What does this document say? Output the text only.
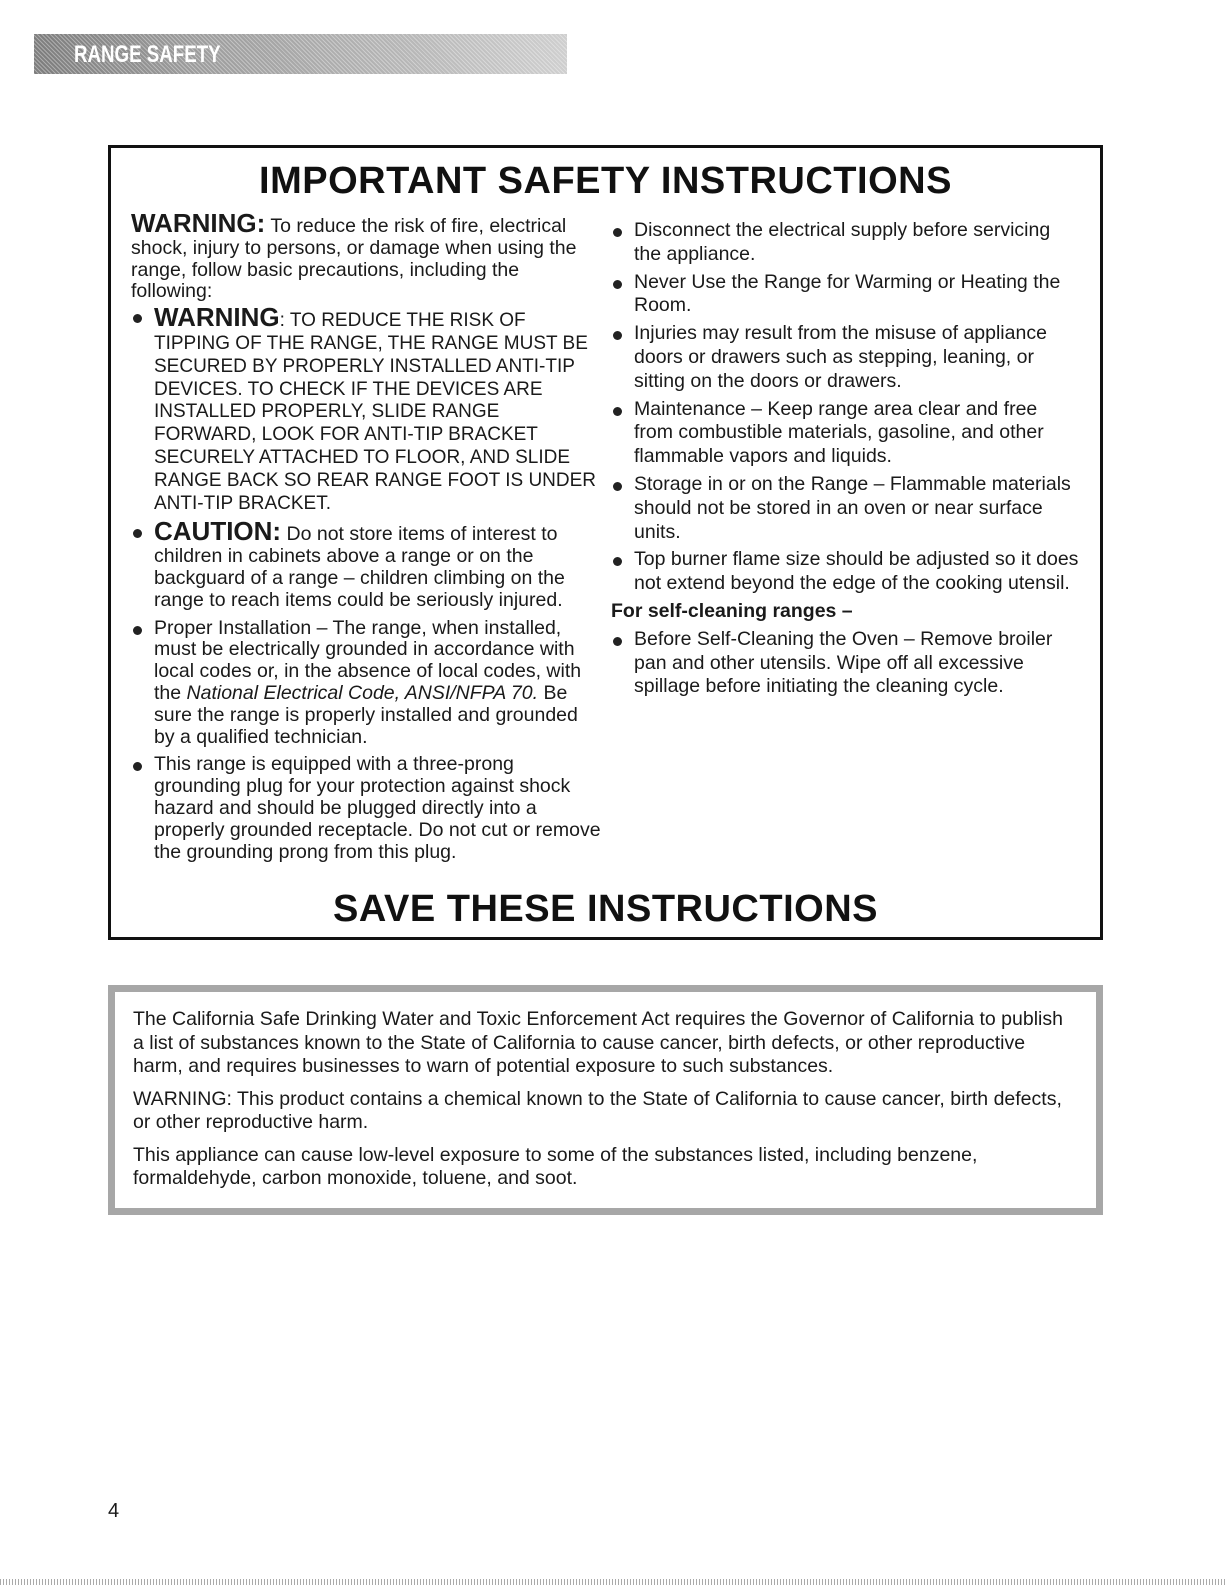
RANGE SAFETY
IMPORTANT SAFETY INSTRUCTIONS

WARNING: To reduce the risk of fire, electrical shock, injury to persons, or damage when using the range, follow basic precautions, including the following:

WARNING: TO REDUCE THE RISK OF TIPPING OF THE RANGE, THE RANGE MUST BE SECURED BY PROPERLY INSTALLED ANTI-TIP DEVICES. TO CHECK IF THE DEVICES ARE INSTALLED PROPERLY, SLIDE RANGE FORWARD, LOOK FOR ANTI-TIP BRACKET SECURELY ATTACHED TO FLOOR, AND SLIDE RANGE BACK SO REAR RANGE FOOT IS UNDER ANTI-TIP BRACKET.
CAUTION: Do not store items of interest to children in cabinets above a range or on the backguard of a range – children climbing on the range to reach items could be seriously injured.
Proper Installation – The range, when installed, must be electrically grounded in accordance with local codes or, in the absence of local codes, with the National Electrical Code, ANSI/NFPA 70. Be sure the range is properly installed and grounded by a qualified technician.
This range is equipped with a three-prong grounding plug for your protection against shock hazard and should be plugged directly into a properly grounded receptacle. Do not cut or remove the grounding prong from this plug.
Disconnect the electrical supply before servicing the appliance.
Never Use the Range for Warming or Heating the Room.
Injuries may result from the misuse of appliance doors or drawers such as stepping, leaning, or sitting on the doors or drawers.
Maintenance – Keep range area clear and free from combustible materials, gasoline, and other flammable vapors and liquids.
Storage in or on the Range – Flammable materials should not be stored in an oven or near surface units.
Top burner flame size should be adjusted so it does not extend beyond the edge of the cooking utensil.

For self-cleaning ranges –

Before Self-Cleaning the Oven – Remove broiler pan and other utensils. Wipe off all excessive spillage before initiating the cleaning cycle.
SAVE THESE INSTRUCTIONS

The California Safe Drinking Water and Toxic Enforcement Act requires the Governor of California to publish a list of substances known to the State of California to cause cancer, birth defects, or other reproductive harm, and requires businesses to warn of potential exposure to such substances.

WARNING: This product contains a chemical known to the State of California to cause cancer, birth defects, or other reproductive harm.

This appliance can cause low-level exposure to some of the substances listed, including benzene, formaldehyde, carbon monoxide, toluene, and soot.

4
